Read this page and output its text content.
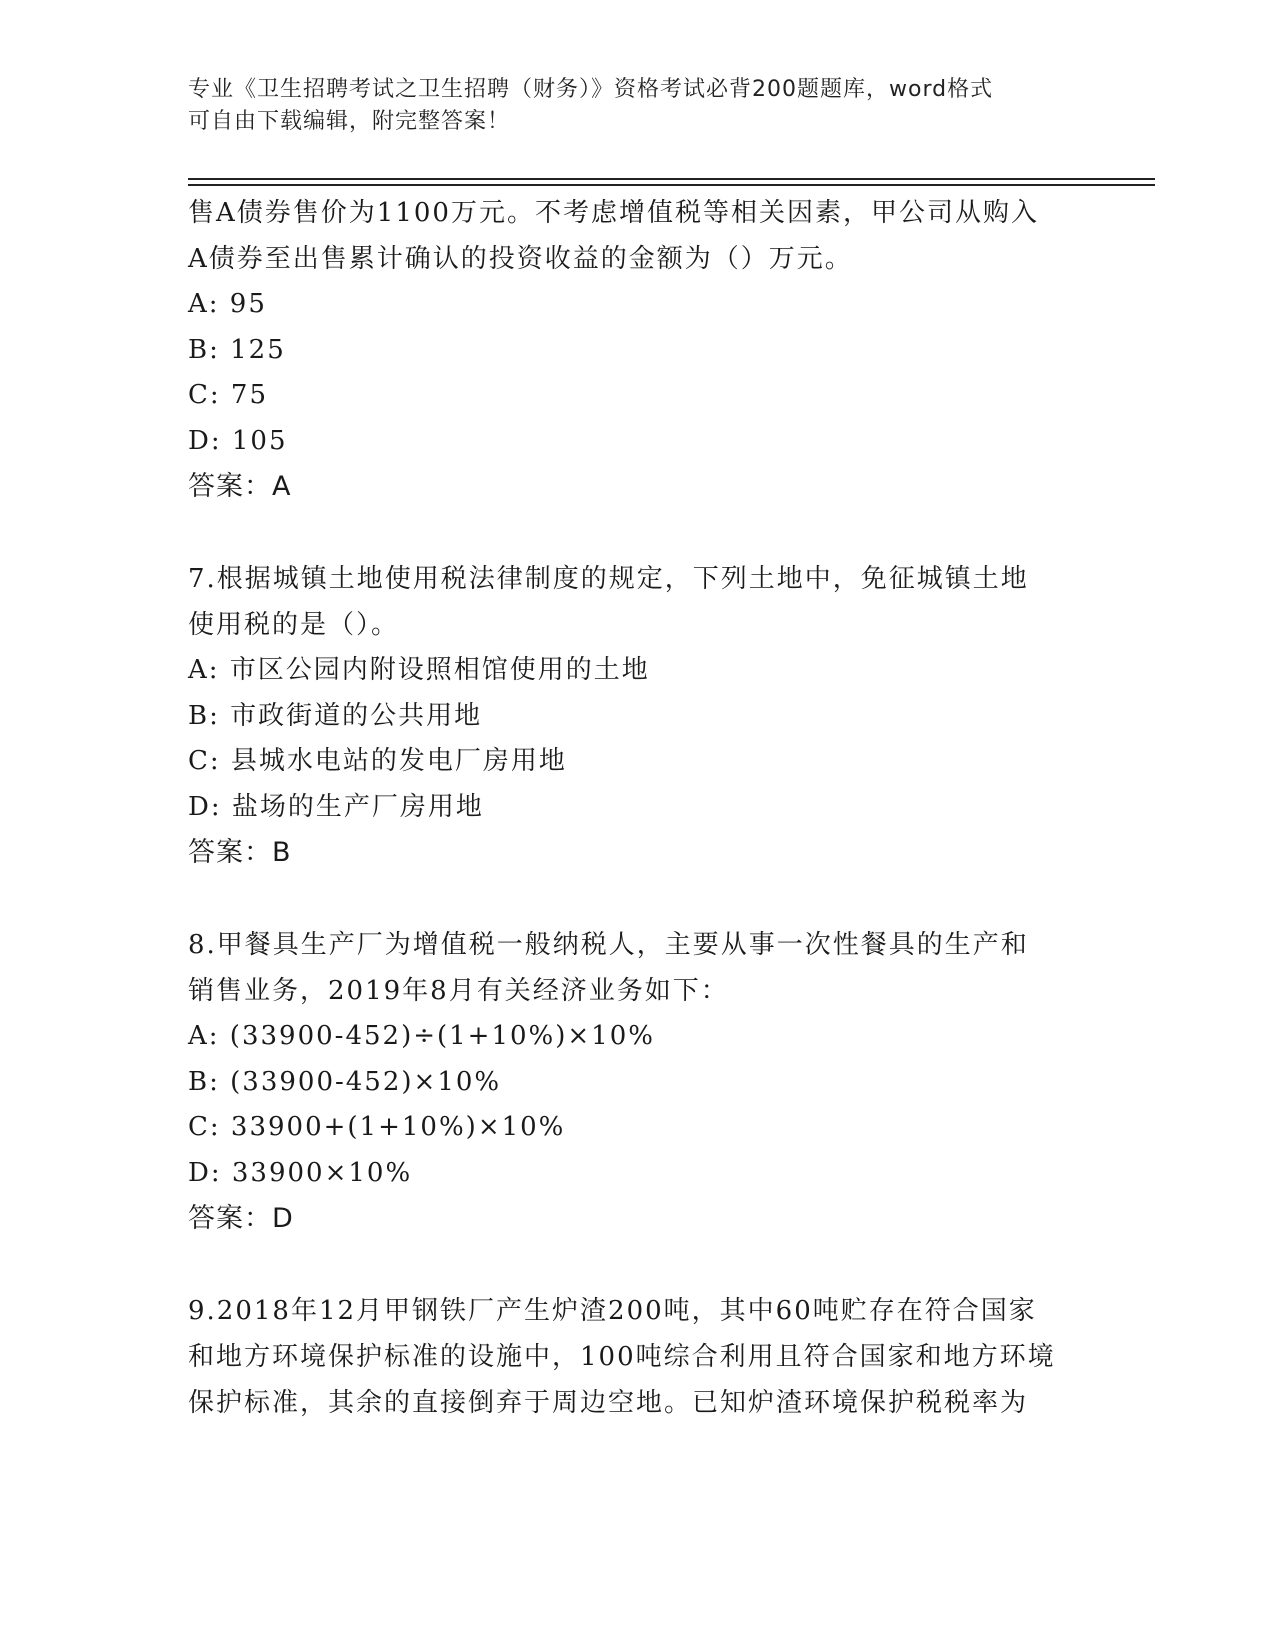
专业《卫生招聘考试之卫生招聘（财务）》资格考试必背200题题库，word格式
可自由下载编辑，附完整答案！
售A债券售价为1100万元。不考虑增值税等相关因素，甲公司从购入
A债券至出售累计确认的投资收益的金额为（）万元。
A: 95
B: 125
C: 75
D: 105
答案：A
7.根据城镇土地使用税法律制度的规定，下列土地中，免征城镇土地
使用税的是（）。
A: 市区公园内附设照相馆使用的土地
B: 市政街道的公共用地
C: 县城水电站的发电厂房用地
D: 盐场的生产厂房用地
答案：B
8.甲餐具生产厂为增值税一般纳税人，主要从事一次性餐具的生产和
销售业务，2019年8月有关经济业务如下：
A: (33900-452)÷(1+10%)×10%
B: (33900-452)×10%
C: 33900+(1+10%)×10%
D: 33900×10%
答案：D
9.2018年12月甲钢铁厂产生炉渣200吨，其中60吨贮存在符合国家
和地方环境保护标准的设施中，100吨综合利用且符合国家和地方环境
保护标准，其余的直接倒弃于周边空地。已知炉渣环境保护税税率为
